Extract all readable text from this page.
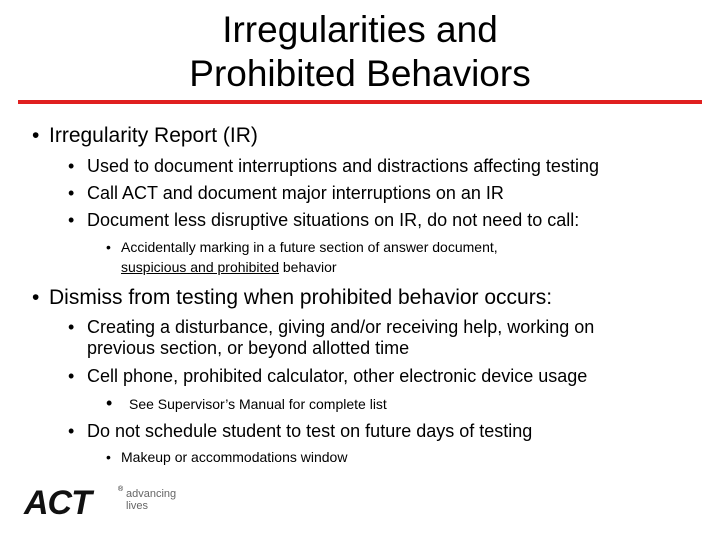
Irregularities and
Prohibited Behaviors
• Irregularity Report (IR)
• Used to document interruptions and distractions affecting testing
• Call ACT and document major interruptions on an IR
• Document less disruptive situations on IR, do not need to call:
• Accidentally marking in a future section of answer document,
suspicious and prohibited behavior
• Dismiss from testing when prohibited behavior occurs:
• Creating a disturbance, giving and/or receiving help, working on
previous section, or beyond allotted time
• Cell phone, prohibited calculator, other electronic device usage
• See Supervisor’s Manual for complete list
• Do not schedule student to test on future days of testing
• Makeup or accommodations window
ACT	® advancing
lives
